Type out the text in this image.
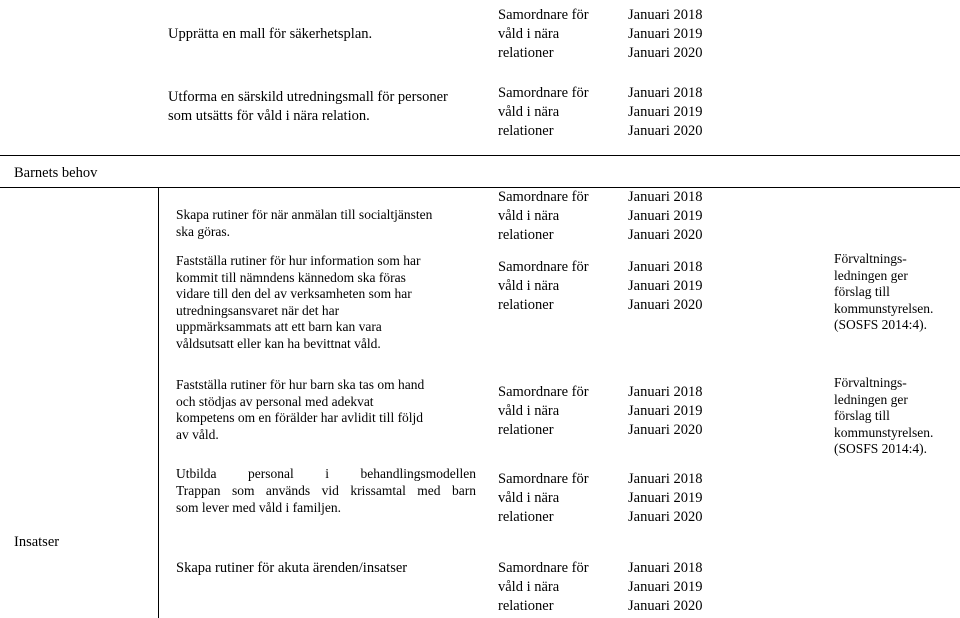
Upprätta en mall för säkerhetsplan.
Samordnare för
våld i nära
relationer
Januari 2018
Januari 2019
Januari 2020
Utforma en särskild utredningsmall för personer
som utsätts för våld i nära relation.
Samordnare för
våld i nära
relationer
Januari 2018
Januari 2019
Januari 2020
Barnets behov
Skapa rutiner för när anmälan till socialtjänsten
ska göras.
Samordnare för
våld i nära
relationer
Januari 2018
Januari 2019
Januari 2020
Fastställa rutiner för hur information som har
kommit till nämndens kännedom ska föras
vidare till den del av verksamheten som har
utredningsansvaret när det har
uppmärksammats att ett barn kan vara
våldsutsatt eller kan ha bevittnat våld.
Samordnare för
våld i nära
relationer
Januari 2018
Januari 2019
Januari 2020
Förvaltnings-
ledningen ger
förslag till
kommunstyrelsen.
(SOSFS 2014:4).
Fastställa rutiner för hur barn ska tas om hand
och stödjas av personal med adekvat
kompetens om en förälder har avlidit till följd
av våld.
Samordnare för
våld i nära
relationer
Januari 2018
Januari 2019
Januari 2020
Förvaltnings-
ledningen ger
förslag till
kommunstyrelsen.
(SOSFS 2014:4).
Utbilda personal i behandlingsmodellen
Trappan som används vid krissamtal med barn
som lever med våld i familjen.
Samordnare för
våld i nära
relationer
Januari 2018
Januari 2019
Januari 2020
Insatser
Skapa rutiner för akuta ärenden/insatser	Samordnare för
våld i nära
relationer
Januari 2018
Januari 2019
Januari 2020
